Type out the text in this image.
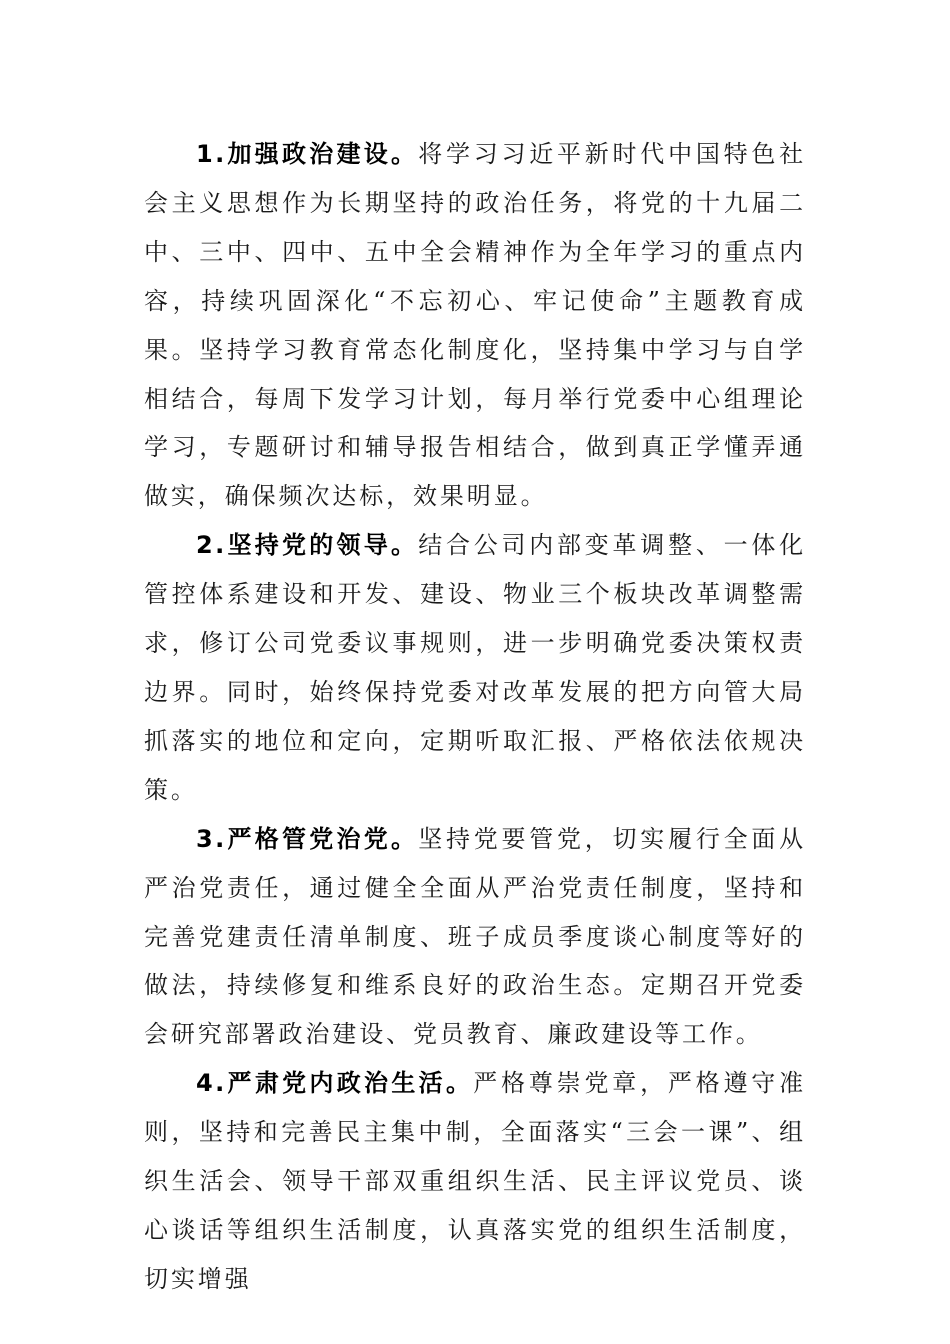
1.加强政治建设。将学习习近平新时代中国特色社会主义思想作为长期坚持的政治任务，将党的十九届二中、三中、四中、五中全会精神作为全年学习的重点内容，持续巩固深化“不忘初心、牢记使命”主题教育成果。坚持学习教育常态化制度化，坚持集中学习与自学相结合，每周下发学习计划，每月举行党委中心组理论学习，专题研讨和辅导报告相结合，做到真正学懂弄通做实，确保频次达标，效果明显。

2.坚持党的领导。结合公司内部变革调整、一体化管控体系建设和开发、建设、物业三个板块改革调整需求，修订公司党委议事规则，进一步明确党委决策权责边界。同时，始终保持党委对改革发展的把方向管大局抓落实的地位和定向，定期听取汇报、严格依法依规决策。

3.严格管党治党。坚持党要管党，切实履行全面从严治党责任，通过健全全面从严治党责任制度，坚持和完善党建责任清单制度、班子成员季度谈心制度等好的做法，持续修复和维系良好的政治生态。定期召开党委会研究部署政治建设、党员教育、廉政建设等工作。

4.严肃党内政治生活。严格尊崇党章，严格遵守准则，坚持和完善民主集中制，全面落实“三会一课”、组织生活会、领导干部双重组织生活、民主评议党员、谈心谈话等组织生活制度，认真落实党的组织生活制度，切实增强
